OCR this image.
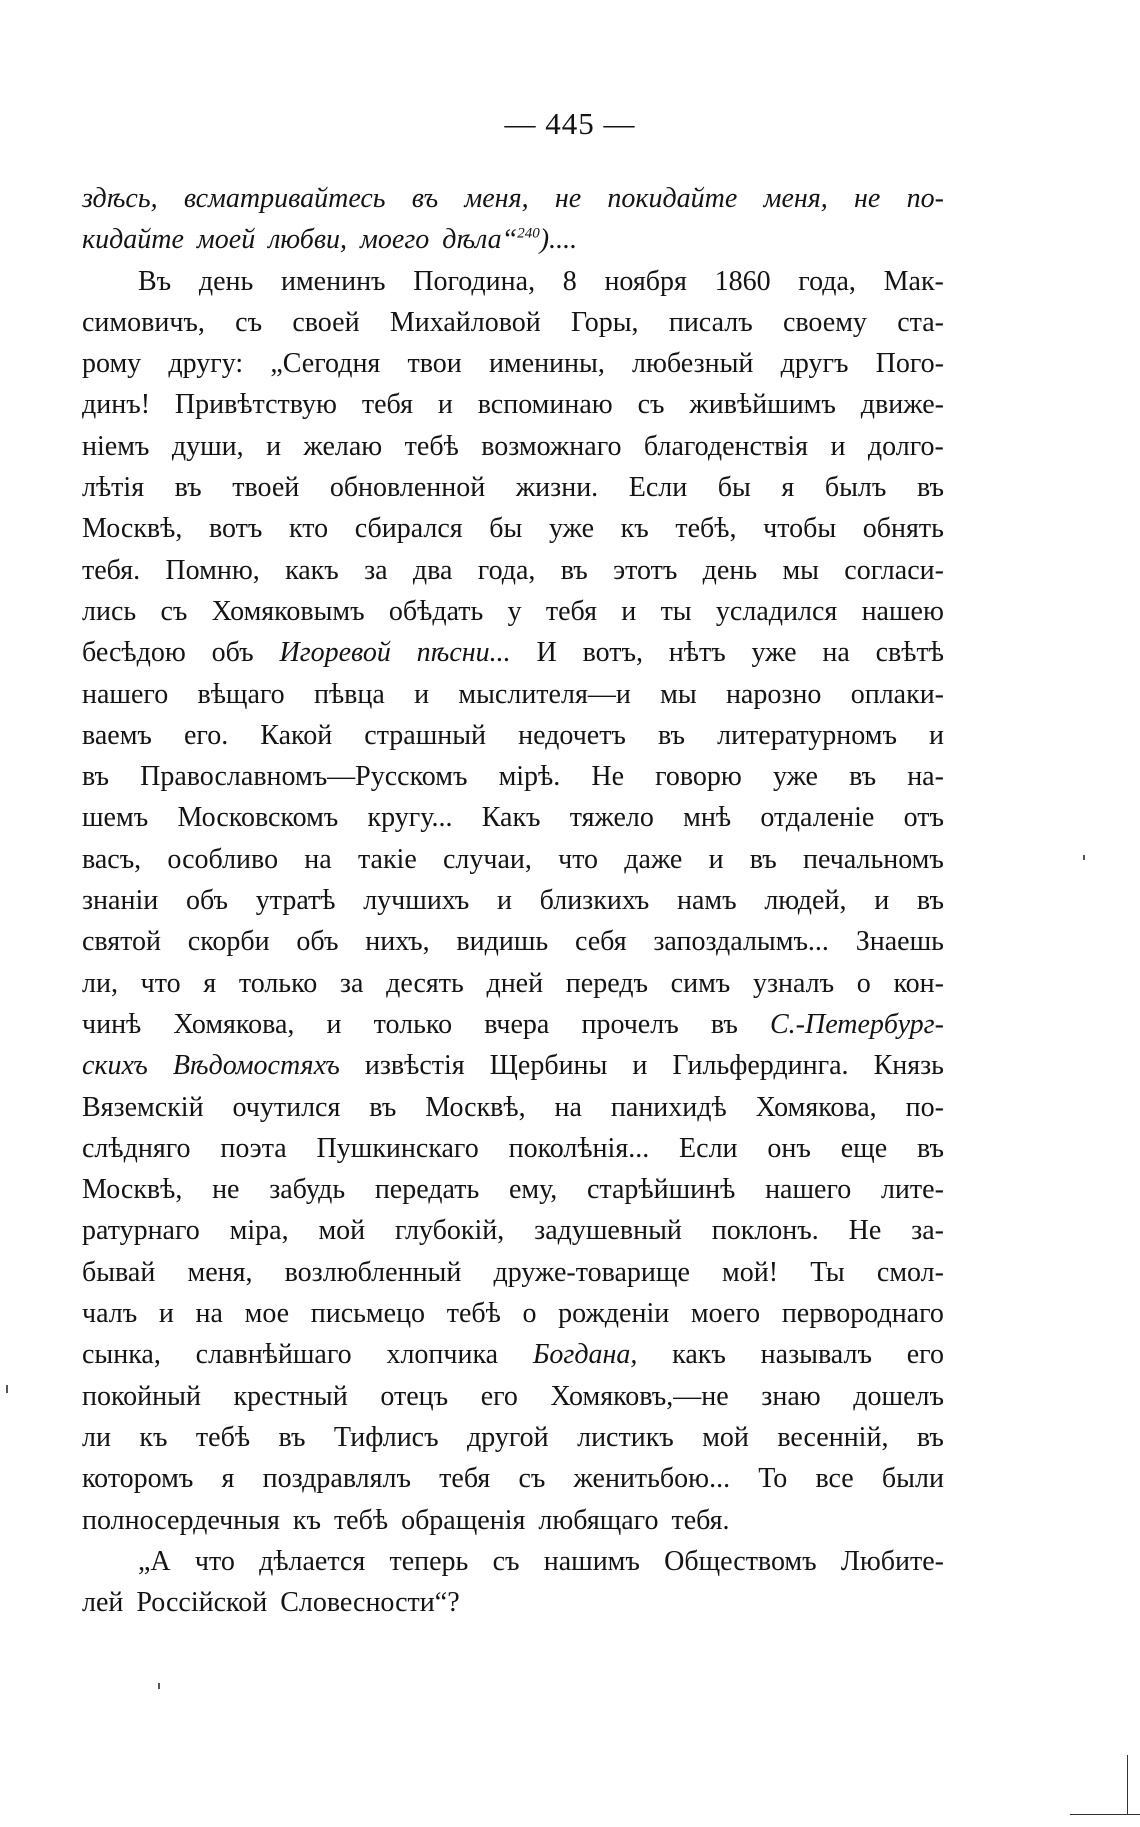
— 445 —
здѣсь, всматривайтесь въ меня, не покидайте меня, не по-
кидайте моей любви, моего дѣла“$^{240}$)....
Въ день именинъ Погодина, 8 ноября 1860 года, Мак-
симовичъ, съ своей Михайловой Горы, писалъ своему ста-
рому другу: „Сегодня твои именины, любезный другъ Пого-
динъ! Привѣтствую тебя и вспоминаю съ живѣйшимъ движе-
ніемъ души, и желаю тебѣ возможнаго благоденствія и долго-
лѣтія въ твоей обновленной жизни. Если бы я былъ въ
Москвѣ, вотъ кто сбирался бы уже къ тебѣ, чтобы обнять
тебя. Помню, какъ за два года, въ этотъ день мы согласи-
лись съ Хомяковымъ обѣдать у тебя и ты усладился нашею
бесѣдою объ Игоревой пѣсни... И вотъ, нѣтъ уже на свѣтѣ
нашего вѣщаго пѣвца и мыслителя—и мы нарозно оплаки-
ваемъ его. Какой страшный недочетъ въ литературномъ и
въ Православномъ—Русскомъ мірѣ. Не говорю уже въ на-
шемъ Московскомъ кругу... Какъ тяжело мнѣ отдаленіе отъ
васъ, особливо на такіе случаи, что даже и въ печальномъ
знаніи объ утратѣ лучшихъ и близкихъ намъ людей, и въ
святой скорби объ нихъ, видишь себя запоздалымъ... Знаешь
ли, что я только за десять дней передъ симъ узналъ о кон-
чинѣ Хомякова, и только вчера прочелъ въ С.-Петербург-
скихъ Вѣдомостяхъ извѣстія Щербины и Гильфердинга. Князь
Вяземскій очутился въ Москвѣ, на панихидѣ Хомякова, по-
слѣдняго поэта Пушкинскаго поколѣнія... Если онъ еще въ
Москвѣ, не забудь передать ему, старѣйшинѣ нашего лите-
ратурнаго міра, мой глубокій, задушевный поклонъ. Не за-
бывай меня, возлюбленный друже-товарище мой! Ты смол-
чалъ и на мое письмецо тебѣ о рожденіи моего первороднаго
сынка, славнѣйшаго хлопчика Богдана, какъ называлъ его
покойный крестный отецъ его Хомяковъ,—не знаю дошелъ
ли къ тебѣ въ Тифлисъ другой листикъ мой весенній, въ
которомъ я поздравлялъ тебя съ женитьбою... То все были
полносердечныя къ тебѣ обращенія любящаго тебя.
„А что дѣлается теперь съ нашимъ Обществомъ Любите-
лей Россійской Словесности“?
